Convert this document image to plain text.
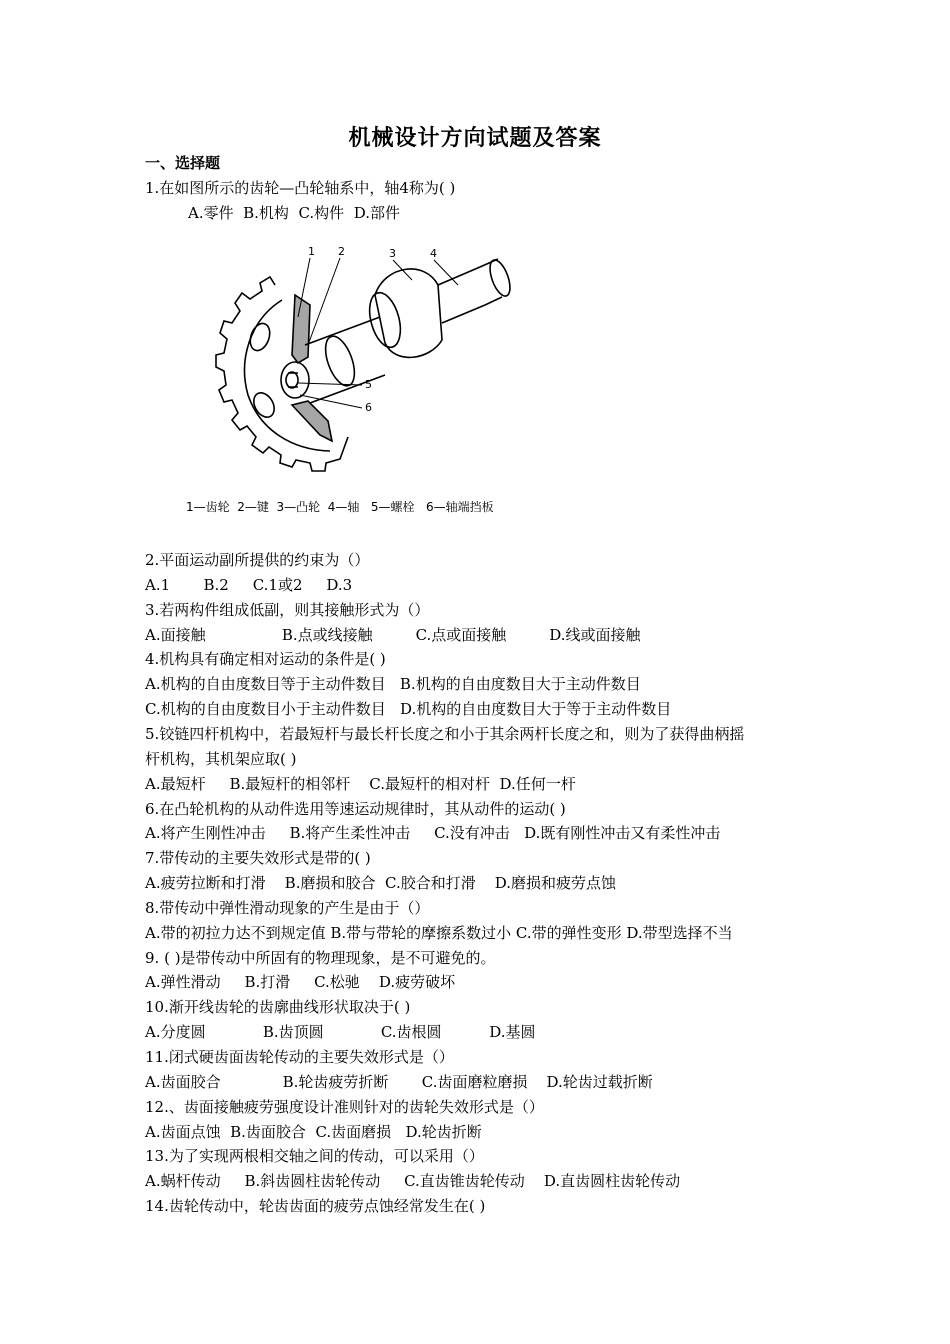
机械设计方向试题及答案
一、选择题
1.在如图所示的齿轮—凸轮轴系中，轴4称为( )
A.零件  B.机构  C.构件  D.部件
1 2	3	4
5
6
1—齿轮  2—键  3—凸轮  4—轴   5—螺栓   6—轴端挡板
2.平面运动副所提供的约束为（）
A.1       B.2     C.1或2     D.3
3.若两构件组成低副，则其接触形式为（）
A.面接触                B.点或线接触         C.点或面接触         D.线或面接触
4.机构具有确定相对运动的条件是( )
A.机构的自由度数目等于主动件数目   B.机构的自由度数目大于主动件数目
C.机构的自由度数目小于主动件数目   D.机构的自由度数目大于等于主动件数目
5.铰链四杆机构中，若最短杆与最长杆长度之和小于其余两杆长度之和，则为了获得曲柄摇
杆机构，其机架应取( )
A.最短杆     B.最短杆的相邻杆    C.最短杆的相对杆  D.任何一杆
6.在凸轮机构的从动件选用等速运动规律时，其从动件的运动( )
A.将产生刚性冲击     B.将产生柔性冲击     C.没有冲击   D.既有刚性冲击又有柔性冲击
7.带传动的主要失效形式是带的( )
A.疲劳拉断和打滑    B.磨损和胶合  C.胶合和打滑    D.磨损和疲劳点蚀
8.带传动中弹性滑动现象的产生是由于（）
A.带的初拉力达不到规定值 B.带与带轮的摩擦系数过小 C.带的弹性变形 D.带型选择不当
9. ( )是带传动中所固有的物理现象，是不可避免的。
A.弹性滑动     B.打滑     C.松驰    D.疲劳破坏
10.渐开线齿轮的齿廓曲线形状取决于( )
A.分度圆            B.齿顶圆            C.齿根圆          D.基圆
11.闭式硬齿面齿轮传动的主要失效形式是（）
A.齿面胶合             B.轮齿疲劳折断       C.齿面磨粒磨损    D.轮齿过载折断
12.、齿面接触疲劳强度设计准则针对的齿轮失效形式是（）
A.齿面点蚀  B.齿面胶合  C.齿面磨损   D.轮齿折断
13.为了实现两根相交轴之间的传动，可以采用（）
A.蜗杆传动     B.斜齿圆柱齿轮传动     C.直齿锥齿轮传动    D.直齿圆柱齿轮传动
14.齿轮传动中，轮齿齿面的疲劳点蚀经常发生在( )
